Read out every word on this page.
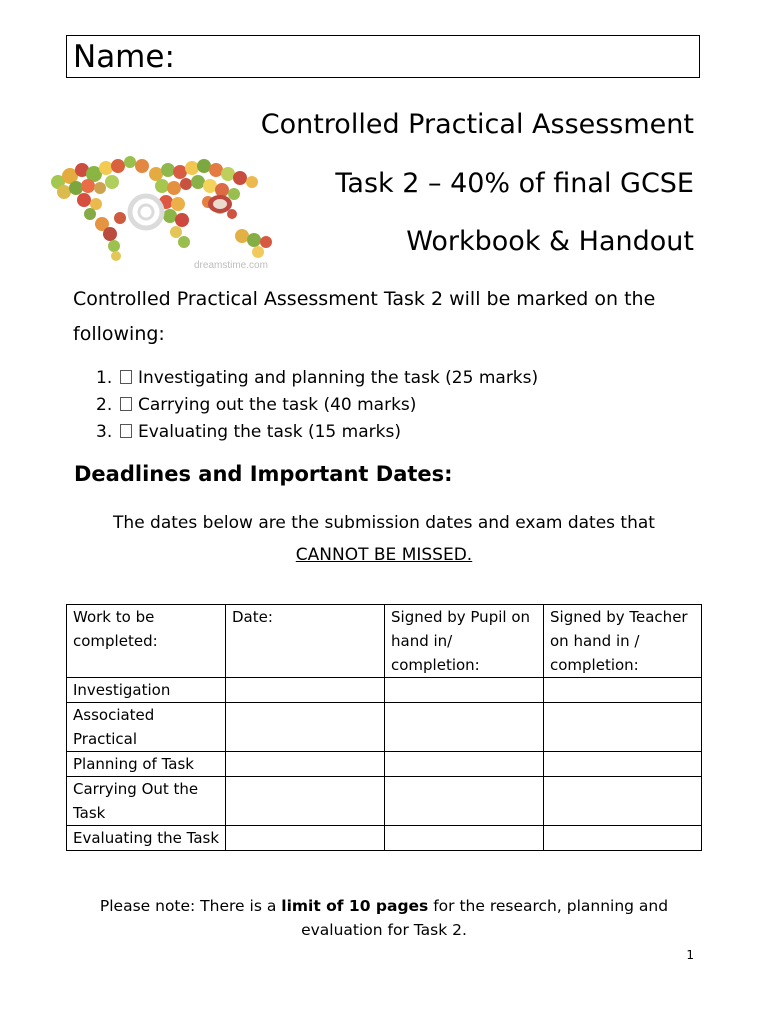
Name:
dreamstime.com
Controlled Practical Assessment
Task 2 – 40% of final GCSE
Workbook & Handout
Controlled Practical Assessment Task 2 will be marked on the following:
1. Investigating and planning the task (25 marks)
2. Carrying out the task (40 marks)
3. Evaluating the task (15 marks)
Deadlines and Important Dates:
The dates below are the submission dates and exam dates that
CANNOT BE MISSED.
Work to be completed:	Date:	Signed by Pupil on hand in/ completion:	Signed by Teacher on hand in / completion:
Investigation			
Associated Practical			
Planning of Task			
Carrying Out the Task			
Evaluating the Task			
Please note: There is a limit of 10 pages for the research, planning and
evaluation for Task 2.
1
